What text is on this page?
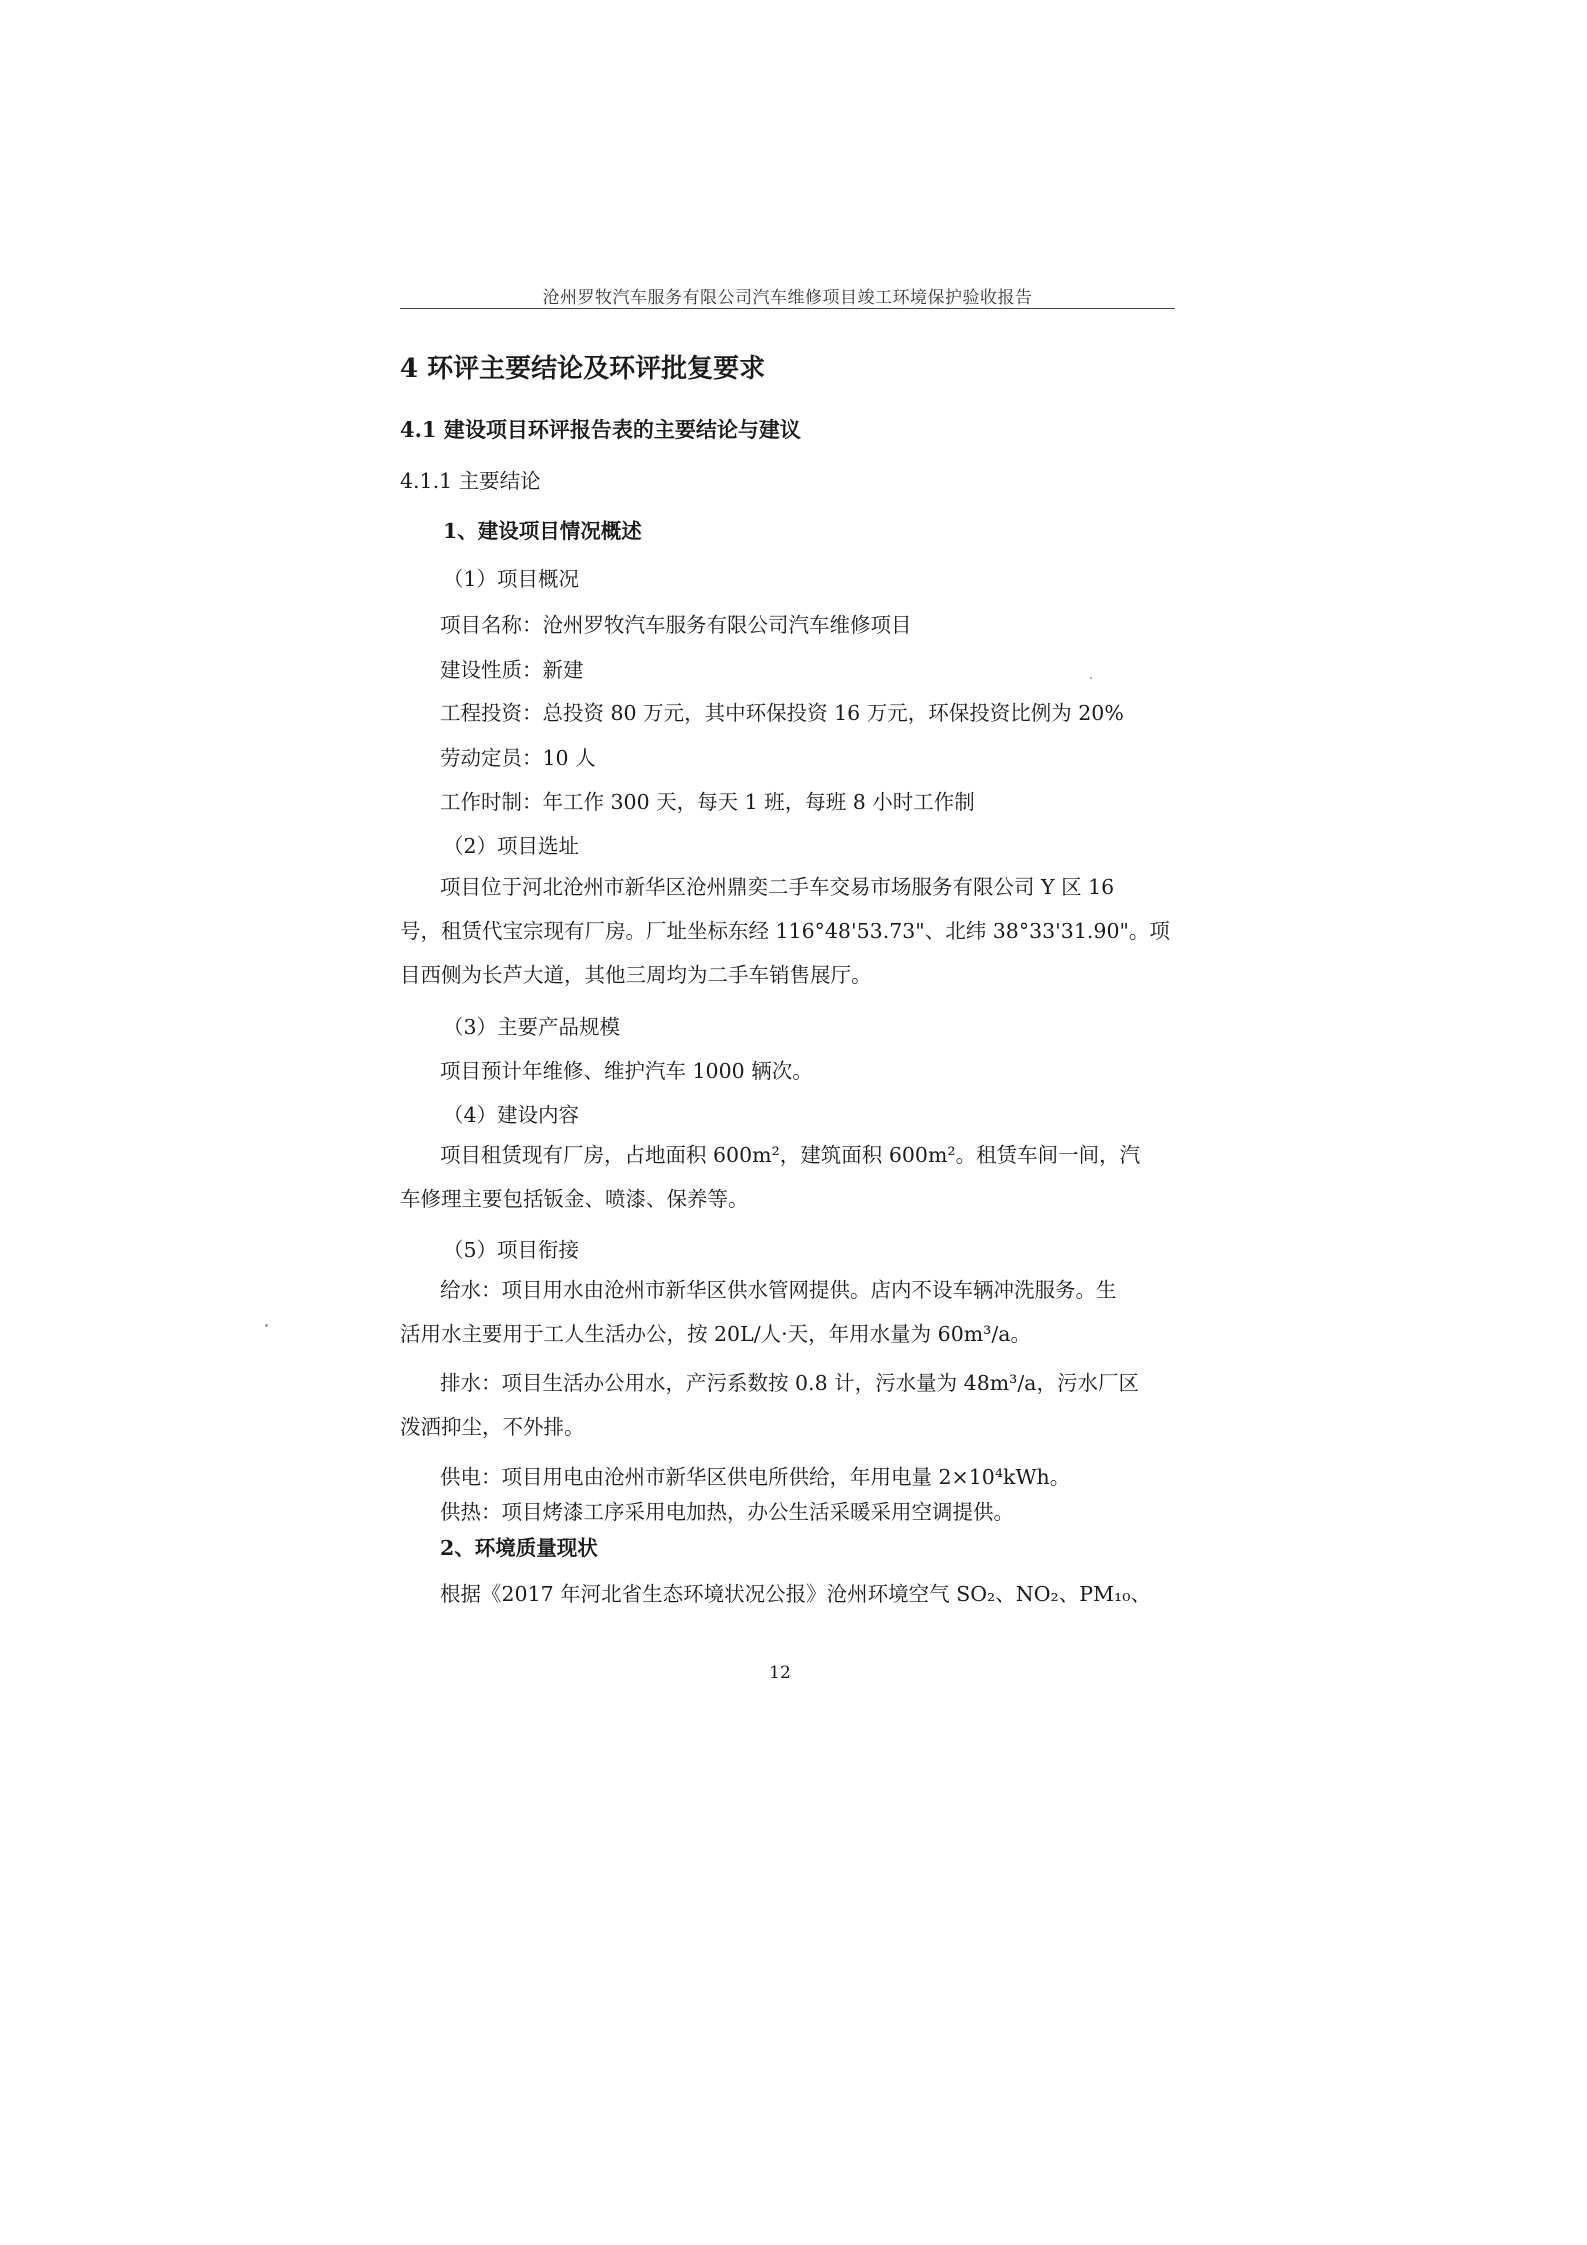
沧州罗牧汽车服务有限公司汽车维修项目竣工环境保护验收报告
4 环评主要结论及环评批复要求
4.1 建设项目环评报告表的主要结论与建议
4.1.1 主要结论
1、建设项目情况概述
（1）项目概况
项目名称：沧州罗牧汽车服务有限公司汽车维修项目
建设性质：新建
工程投资：总投资 80 万元，其中环保投资 16 万元，环保投资比例为 20%
劳动定员：10 人
工作时制：年工作 300 天，每天 1 班，每班 8 小时工作制
（2）项目选址
项目位于河北沧州市新华区沧州鼎奕二手车交易市场服务有限公司 Y 区 16
号，租赁代宝宗现有厂房。厂址坐标东经 116°48'53.73"、北纬 38°33'31.90"。项
目西侧为长芦大道，其他三周均为二手车销售展厅。
（3）主要产品规模
项目预计年维修、维护汽车 1000 辆次。
（4）建设内容
项目租赁现有厂房，占地面积 600m²，建筑面积 600m²。租赁车间一间，汽
车修理主要包括钣金、喷漆、保养等。
（5）项目衔接
给水：项目用水由沧州市新华区供水管网提供。店内不设车辆冲洗服务。生
活用水主要用于工人生活办公，按 20L/人·天，年用水量为 60m³/a。
排水：项目生活办公用水，产污系数按 0.8 计，污水量为 48m³/a，污水厂区
泼洒抑尘，不外排。
供电：项目用电由沧州市新华区供电所供给，年用电量 2×10⁴kWh。
供热：项目烤漆工序采用电加热，办公生活采暖采用空调提供。
2、环境质量现状
根据《2017 年河北省生态环境状况公报》沧州环境空气 SO₂、NO₂、PM₁₀、
12
